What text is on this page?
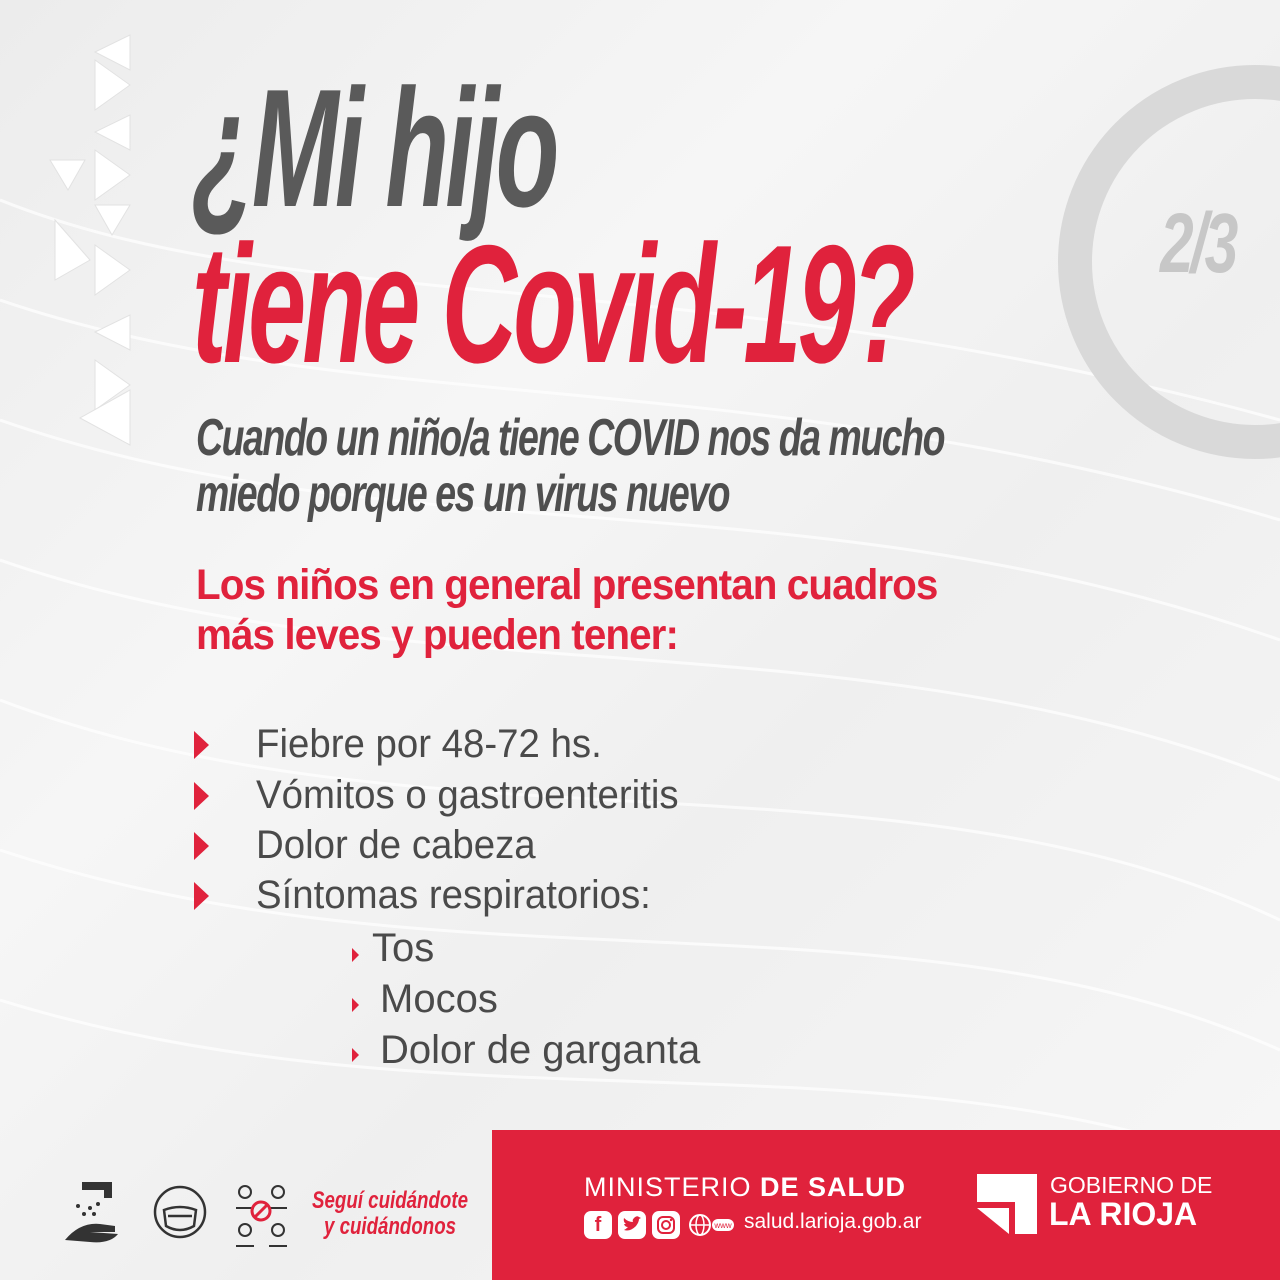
2/3
¿Mi hijo
tiene Covid-19?
Cuando un niño/a tiene COVID nos da mucho
miedo porque es un virus nuevo
Los niños en general presentan cuadros
más leves y pueden tener:
Fiebre por 48-72 hs.
Vómitos o gastroenteritis
Dolor de cabeza
Síntomas respiratorios:
Tos
Mocos
Dolor de garganta
Seguí cuidándote
y cuidándonos
MINISTERIO DE SALUD
f	www salud.larioja.gob.ar
GOBIERNO DE
LA RIOJA
